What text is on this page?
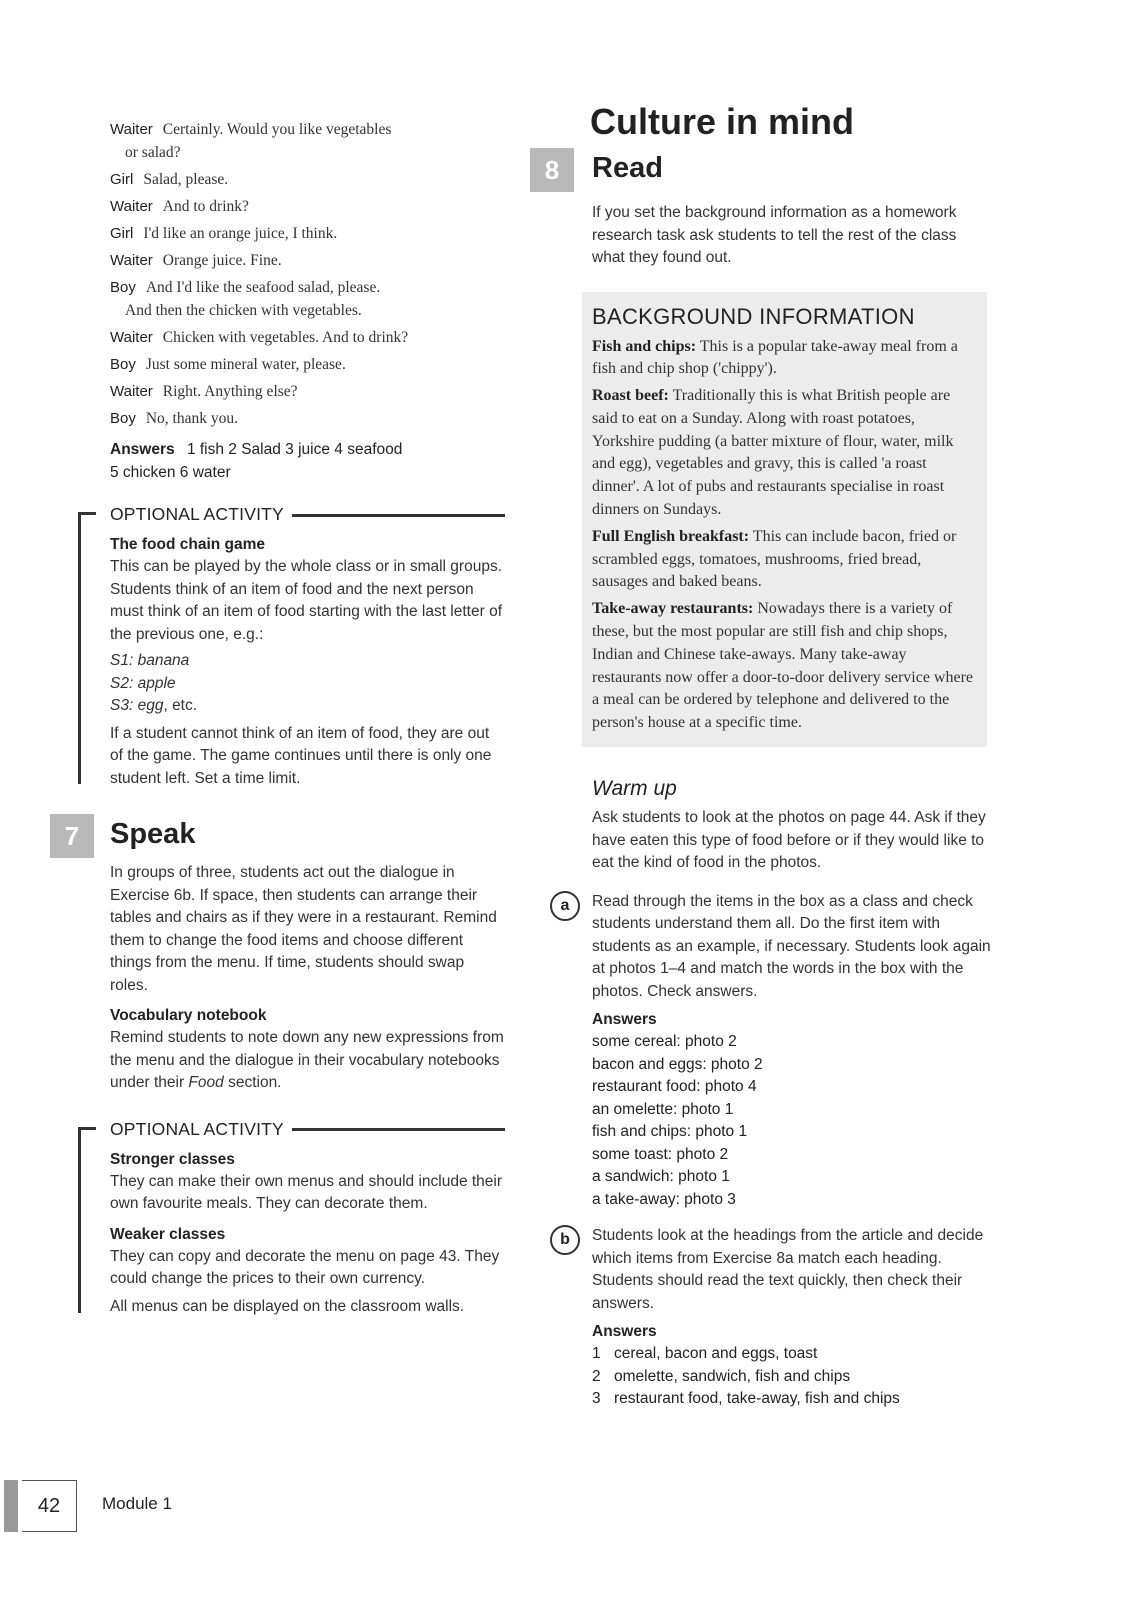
Waiter Certainly. Would you like vegetables
or salad?
Girl Salad, please.
Waiter And to drink?
Girl I'd like an orange juice, I think.
Waiter Orange juice. Fine.
Boy And I'd like the seafood salad, please.
And then the chicken with vegetables.
Waiter Chicken with vegetables. And to drink?
Boy Just some mineral water, please.
Waiter Right. Anything else?
Boy No, thank you.
Answers 1 fish 2 Salad 3 juice 4 seafood
5 chicken 6 water
OPTIONAL ACTIVITY
The food chain game
This can be played by the whole class or in small groups. Students think of an item of food and the next person must think of an item of food starting with the last letter of the previous one, e.g.:
S1: banana
S2: apple
S3: egg, etc.
If a student cannot think of an item of food, they are out of the game. The game continues until there is only one student left. Set a time limit.
7	Speak
In groups of three, students act out the dialogue in Exercise 6b. If space, then students can arrange their tables and chairs as if they were in a restaurant. Remind them to change the food items and choose different things from the menu. If time, students should swap roles.
Vocabulary notebook
Remind students to note down any new expressions from the menu and the dialogue in their vocabulary notebooks under their Food section.
OPTIONAL ACTIVITY
Stronger classes
They can make their own menus and should include their own favourite meals. They can decorate them.
Weaker classes
They can copy and decorate the menu on page 43. They could change the prices to their own currency.
All menus can be displayed on the classroom walls.
Culture in mind
8	Read
If you set the background information as a homework research task ask students to tell the rest of the class what they found out.
BACKGROUND INFORMATION
Fish and chips: This is a popular take-away meal from a fish and chip shop ('chippy').
Roast beef: Traditionally this is what British people are said to eat on a Sunday. Along with roast potatoes, Yorkshire pudding (a batter mixture of flour, water, milk and egg), vegetables and gravy, this is called 'a roast dinner'. A lot of pubs and restaurants specialise in roast dinners on Sundays.
Full English breakfast: This can include bacon, fried or scrambled eggs, tomatoes, mushrooms, fried bread, sausages and baked beans.
Take-away restaurants: Nowadays there is a variety of these, but the most popular are still fish and chip shops, Indian and Chinese take-aways. Many take-away restaurants now offer a door-to-door delivery service where a meal can be ordered by telephone and delivered to the person's house at a specific time.
Warm up
Ask students to look at the photos on page 44. Ask if they have eaten this type of food before or if they would like to eat the kind of food in the photos.
a	Read through the items in the box as a class and check students understand them all. Do the first item with students as an example, if necessary. Students look again at photos 1–4 and match the words in the box with the photos. Check answers.
Answers
some cereal: photo 2
bacon and eggs: photo 2
restaurant food: photo 4
an omelette: photo 1
fish and chips: photo 1
some toast: photo 2
a sandwich: photo 1
a take-away: photo 3
b	Students look at the headings from the article and decide which items from Exercise 8a match each heading. Students should read the text quickly, then check their answers.
Answers
1 cereal, bacon and eggs, toast
2 omelette, sandwich, fish and chips
3 restaurant food, take-away, fish and chips
42	Module 1
